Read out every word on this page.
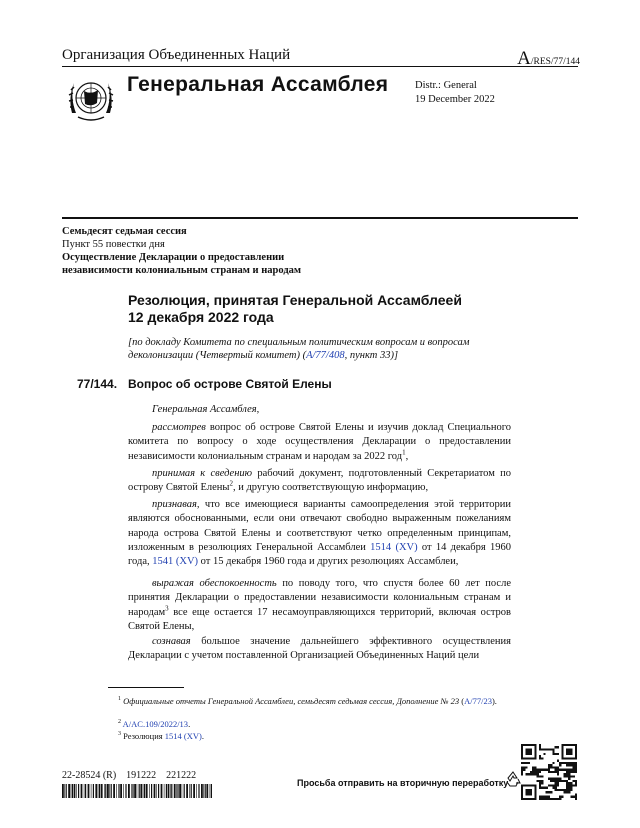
Организация Объединенных Наций	A/RES/77/144
Генеральная Ассамблея	Distr.: General
19 December 2022
Семьдесят седьмая сессия
Пункт 55 повестки дня
Осуществление Декларации о предоставлении
независимости колониальным странам и народам
Резолюция, принятая Генеральной Ассамблеей
12 декабря 2022 года
[по докладу Комитета по специальным политическим вопросам и вопросам деколонизации (Четвертый комитет) (A/77/408, пункт 33)]
77/144. Вопрос об острове Святой Елены
Генеральная Ассамблея,
рассмотрев вопрос об острове Святой Елены и изучив доклад Специального комитета по вопросу о ходе осуществления Декларации о предоставлении независимости колониальным странам и народам за 2022 год$^1$,
принимая к сведению рабочий документ, подготовленный Секретариатом по острову Святой Елены$^2$, и другую соответствующую информацию,
признавая, что все имеющиеся варианты самоопределения этой территории являются обоснованными, если они отвечают свободно выраженным пожеланиям народа острова Святой Елены и соответствуют четко определенным принципам, изложенным в резолюциях Генеральной Ассамблеи 1514 (XV) от 14 декабря 1960 года, 1541 (XV) от 15 декабря 1960 года и других резолюциях Ассамблеи,
выражая обеспокоенность по поводу того, что спустя более 60 лет после принятия Декларации о предоставлении независимости колониальным странам и народам$^3$ все еще остается 17 несамоуправляющихся территорий, включая остров Святой Елены,
сознавая большое значение дальнейшего эффективного осуществления Декларации с учетом поставленной Организацией Объединенных Наций цели
$^1$ Официальные отчеты Генеральной Ассамблеи, семьдесят седьмая сессия, Дополнение № 23 (A/77/23).
$^2$ A/AC.109/2022/13.
$^3$ Резолюция 1514 (XV).
22-28524 (R)    191222    221222
Просьба отправить на вторичную переработку
